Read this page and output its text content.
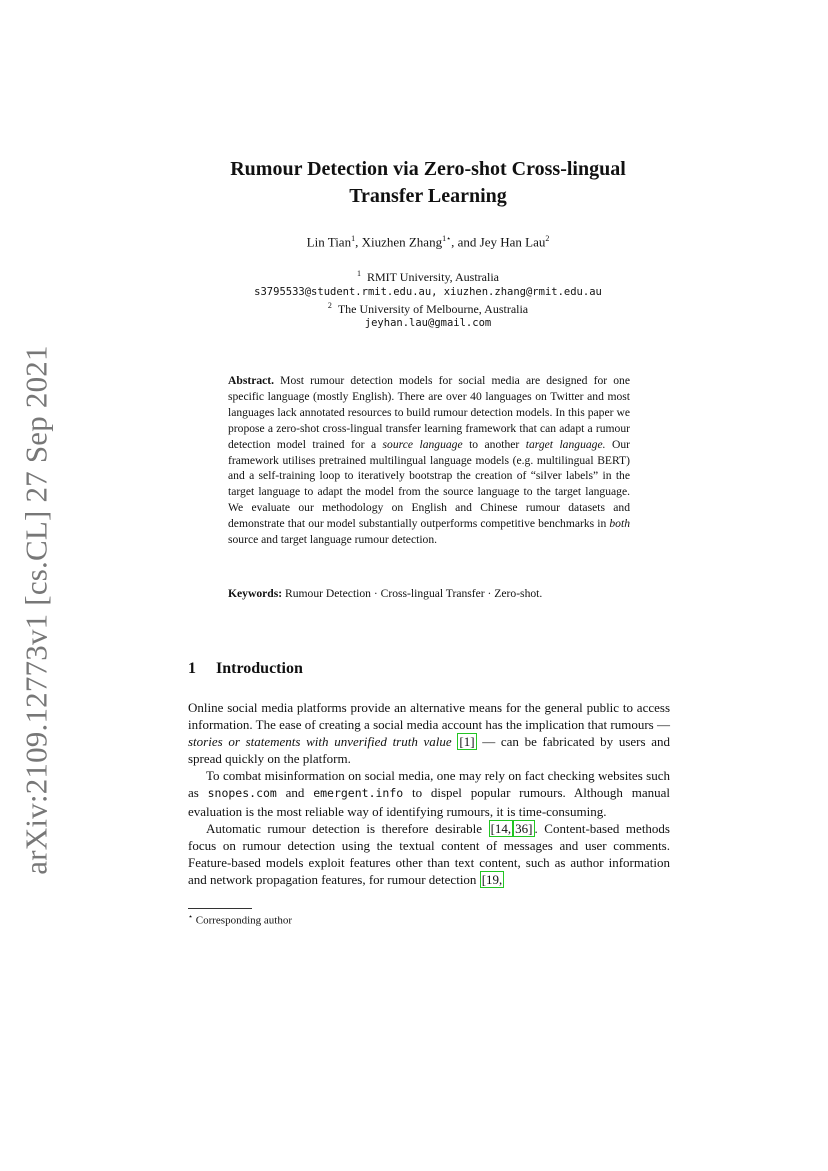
arXiv:2109.12773v1 [cs.CL] 27 Sep 2021
Rumour Detection via Zero-shot Cross-lingual
Transfer Learning
Lin Tian$^1$, Xiuzhen Zhang$^{1⋆}$, and Jey Han Lau$^2$
$^1$ RMIT University, Australia
s3795533@student.rmit.edu.au, xiuzhen.zhang@rmit.edu.au
$^2$ The University of Melbourne, Australia
jeyhan.lau@gmail.com
Abstract. Most rumour detection models for social media are designed for one specific language (mostly English). There are over 40 languages on Twitter and most languages lack annotated resources to build rumour detection models. In this paper we propose a zero-shot cross-lingual transfer learning framework that can adapt a rumour detection model trained for a source language to another target language. Our framework utilises pretrained multilingual language models (e.g. multilingual BERT) and a self-training loop to iteratively bootstrap the creation of “silver labels” in the target language to adapt the model from the source language to the target language. We evaluate our methodology on English and Chinese rumour datasets and demonstrate that our model substantially outperforms competitive benchmarks in both source and target language rumour detection.
Keywords: Rumour Detection · Cross-lingual Transfer · Zero-shot.
1 Introduction

Online social media platforms provide an alternative means for the general public to access information. The ease of creating a social media account has the implication that rumours — stories or statements with unverified truth value [1] — can be fabricated by users and spread quickly on the platform.

To combat misinformation on social media, one may rely on fact checking websites such as snopes.com and emergent.info to dispel popular rumours. Although manual evaluation is the most reliable way of identifying rumours, it is time-consuming.

Automatic rumour detection is therefore desirable [14, 36] . Content-based methods focus on rumour detection using the textual content of messages and user comments. Feature-based models exploit features other than text content, such as author information and network propagation features, for rumour detection [19,

⋆ Corresponding author
